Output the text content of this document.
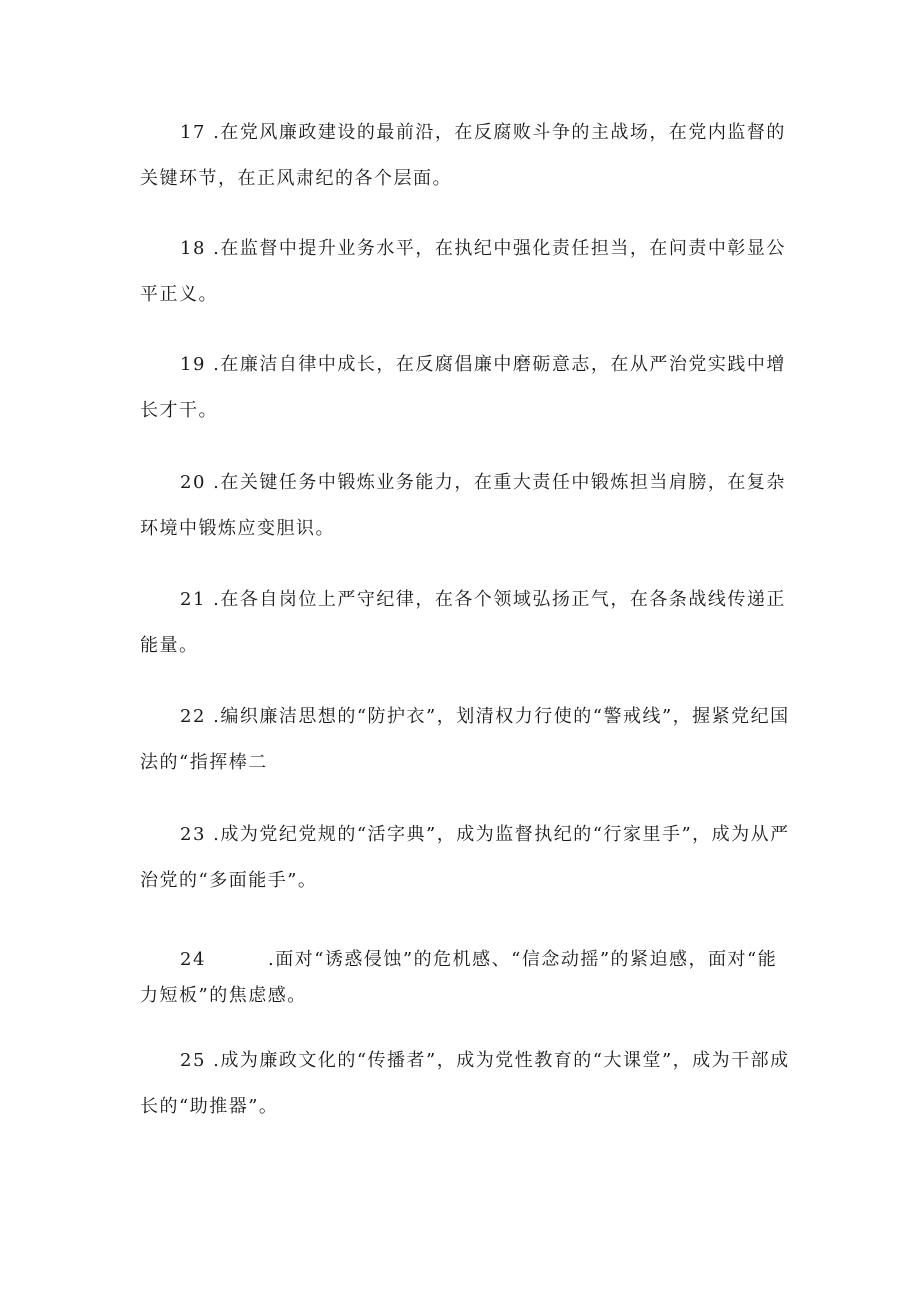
17 .在党风廉政建设的最前沿，在反腐败斗争的主战场，在党内监督的关键环节，在正风肃纪的各个层面。

18 .在监督中提升业务水平，在执纪中强化责任担当，在问责中彰显公平正义。

19 .在廉洁自律中成长，在反腐倡廉中磨砺意志，在从严治党实践中增长才干。

20 .在关键任务中锻炼业务能力，在重大责任中锻炼担当肩膀，在复杂环境中锻炼应变胆识。

21 .在各自岗位上严守纪律，在各个领域弘扬正气，在各条战线传递正能量。

22 .编织廉洁思想的“防护衣”，划清权力行使的“警戒线”，握紧党纪国法的“指挥棒二

23 .成为党纪党规的“活字典”，成为监督执纪的“行家里手”，成为从严治党的“多面能手”。

24	.面对“诱惑侵蚀”的危机感、“信念动摇”的紧迫感，面对“能力短板”的焦虑感。

25 .成为廉政文化的“传播者”，成为党性教育的“大课堂”，成为干部成长的“助推器”。
